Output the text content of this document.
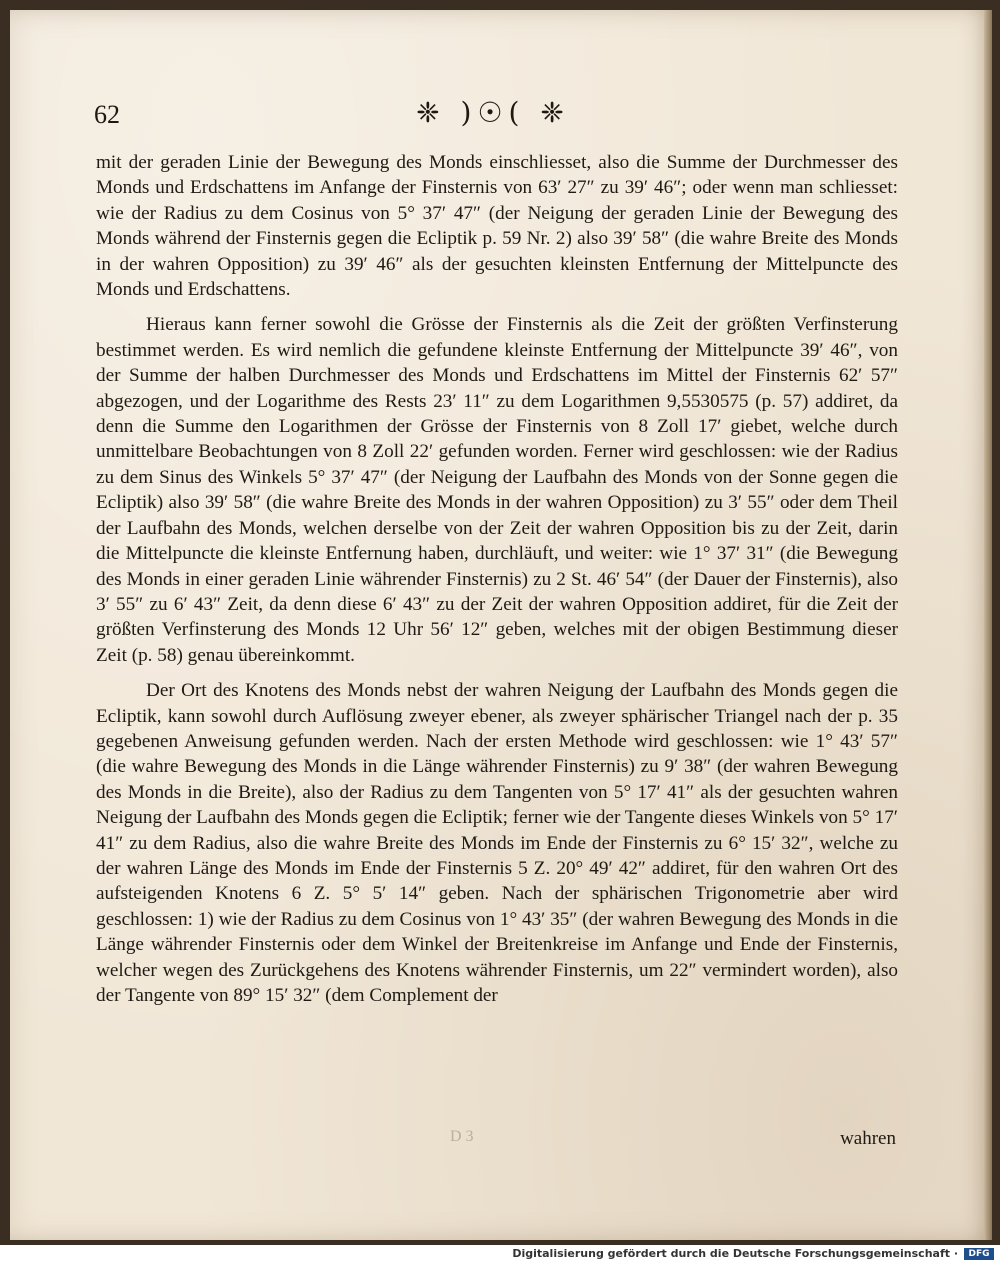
62	❈ )☉( ❈

mit der geraden Linie der Bewegung des Monds einschliesset, also die Summe der Durchmesser des Monds und Erdschattens im Anfange der Finsternis von 63′ 27″ zu 39′ 46″; oder wenn man schliesset: wie der Radius zu dem Cosinus von 5° 37′ 47″ (der Neigung der geraden Linie der Bewegung des Monds während der Finsternis gegen die Ecliptik p. 59 Nr. 2) also 39′ 58″ (die wahre Breite des Monds in der wahren Opposition) zu 39′ 46″ als der gesuchten kleinsten Entfernung der Mittelpuncte des Monds und Erdschattens.

Hieraus kann ferner sowohl die Grösse der Finsternis als die Zeit der größten Verfinsterung bestimmet werden. Es wird nemlich die gefundene kleinste Entfernung der Mittelpuncte 39′ 46″, von der Summe der halben Durchmesser des Monds und Erdschattens im Mittel der Finsternis 62′ 57″ abgezogen, und der Logarithme des Rests 23′ 11″ zu dem Logarithmen 9,5530575 (p. 57) addiret, da denn die Summe den Logarithmen der Grösse der Finsternis von 8 Zoll 17′ giebet, welche durch unmittelbare Beobachtungen von 8 Zoll 22′ gefunden worden. Ferner wird geschlossen: wie der Radius zu dem Sinus des Winkels 5° 37′ 47″ (der Neigung der Laufbahn des Monds von der Sonne gegen die Ecliptik) also 39′ 58″ (die wahre Breite des Monds in der wahren Opposition) zu 3′ 55″ oder dem Theil der Laufbahn des Monds, welchen derselbe von der Zeit der wahren Opposition bis zu der Zeit, darin die Mittelpuncte die kleinste Entfernung haben, durchläuft, und weiter: wie 1° 37′ 31″ (die Bewegung des Monds in einer geraden Linie währender Finsternis) zu 2 St. 46′ 54″ (der Dauer der Finsternis), also 3′ 55″ zu 6′ 43″ Zeit, da denn diese 6′ 43″ zu der Zeit der wahren Opposition addiret, für die Zeit der größten Verfinsterung des Monds 12 Uhr 56′ 12″ geben, welches mit der obigen Bestimmung dieser Zeit (p. 58) genau übereinkommt.

Der Ort des Knotens des Monds nebst der wahren Neigung der Laufbahn des Monds gegen die Ecliptik, kann sowohl durch Auflösung zweyer ebener, als zweyer sphärischer Triangel nach der p. 35 gegebenen Anweisung gefunden werden. Nach der ersten Methode wird geschlossen: wie 1° 43′ 57″ (die wahre Bewegung des Monds in die Länge währender Finsternis) zu 9′ 38″ (der wahren Bewegung des Monds in die Breite), also der Radius zu dem Tangenten von 5° 17′ 41″ als der gesuchten wahren Neigung der Laufbahn des Monds gegen die Ecliptik; ferner wie der Tangente dieses Winkels von 5° 17′ 41″ zu dem Radius, also die wahre Breite des Monds im Ende der Finsternis zu 6° 15′ 32″, welche zu der wahren Länge des Monds im Ende der Finsternis 5 Z. 20° 49′ 42″ addiret, für den wahren Ort des aufsteigenden Knotens 6 Z. 5° 5′ 14″ geben. Nach der sphärischen Trigonometrie aber wird geschlossen: 1) wie der Radius zu dem Cosinus von 1° 43′ 35″ (der wahren Bewegung des Monds in die Länge währender Finsternis oder dem Winkel der Breitenkreise im Anfange und Ende der Finsternis, welcher wegen des Zurückgehens des Knotens währender Finsternis, um 22″ vermindert worden), also der Tangente von 89° 15′ 32″ (dem Complement der

D 3	wahren
Digitalisierung gefördert durch die Deutsche Forschungsgemeinschaft ·	DFG
